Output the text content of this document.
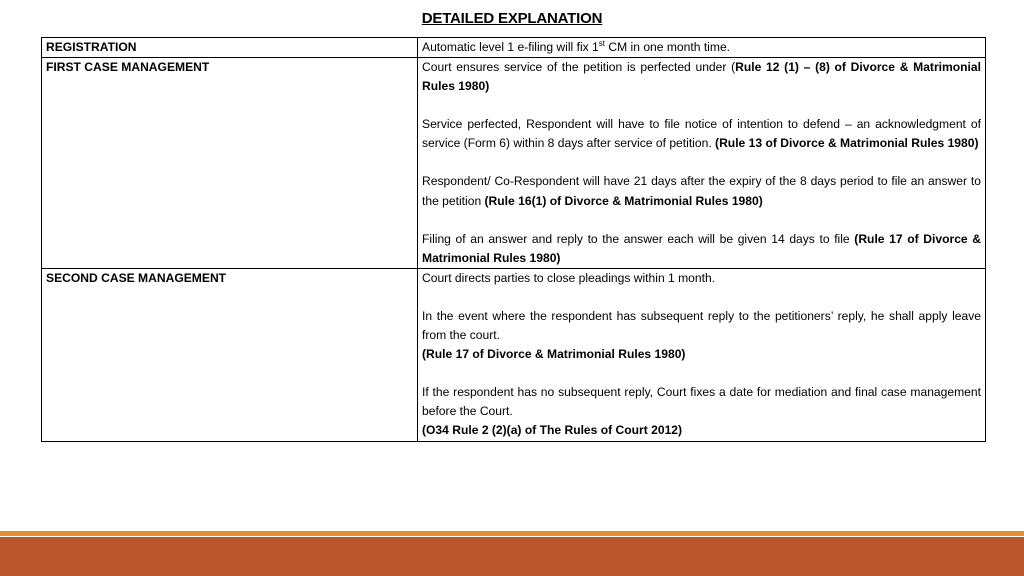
DETAILED EXPLANATION
REGISTRATION	Automatic level 1 e-filing will fix 1st CM in one month time.
FIRST CASE MANAGEMENT	Court ensures service of the petition is perfected under (Rule 12 (1) – (8) of Divorce & Matrimonial Rules 1980)

Service perfected, Respondent will have to file notice of intention to defend – an acknowledgment of service (Form 6) within 8 days after service of petition. (Rule 13 of Divorce & Matrimonial Rules 1980)

Respondent/ Co-Respondent will have 21 days after the expiry of the 8 days period to file an answer to the petition (Rule 16(1) of Divorce & Matrimonial Rules 1980)

Filing of an answer and reply to the answer each will be given 14 days to file (Rule 17 of Divorce & Matrimonial Rules 1980)

SECOND CASE MANAGEMENT	Court directs parties to close pleadings within 1 month.

In the event where the respondent has subsequent reply to the petitioners’ reply, he shall apply leave from the court.

(Rule 17 of Divorce & Matrimonial Rules 1980)

If the respondent has no subsequent reply, Court fixes a date for mediation and final case management before the Court.

(O34 Rule 2 (2)(a) of The Rules of Court 2012)
